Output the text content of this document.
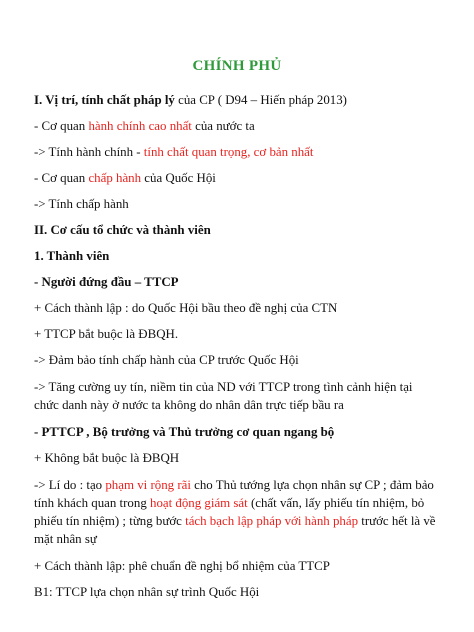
CHÍNH PHỦ
I. Vị trí, tính chất pháp lý của CP ( D94 – Hiến pháp 2013)
- Cơ quan hành chính cao nhất của nước ta
-> Tính hành chính - tính chất quan trọng, cơ bản nhất
- Cơ quan chấp hành của Quốc Hội
-> Tính chấp hành
II. Cơ cấu tổ chức và thành viên
1. Thành viên
- Người đứng đầu – TTCP
+ Cách thành lập : do Quốc Hội bầu theo đề nghị của CTN
+ TTCP bắt buộc là ĐBQH.
-> Đảm bảo tính chấp hành của CP trước Quốc Hội
-> Tăng cường uy tín, niềm tin của ND với TTCP trong tình cảnh hiện tại chức danh này ở nước ta không do nhân dân trực tiếp bầu ra
- PTTCP , Bộ trưởng và Thủ trưởng cơ quan ngang bộ
+ Không bắt buộc là ĐBQH
-> Lí do : tạo phạm vi rộng rãi cho Thủ tướng lựa chọn nhân sự CP ; đảm bảo tính khách quan trong hoạt động giám sát (chất vấn, lấy phiếu tín nhiệm, bỏ phiếu tín nhiệm) ; từng bước tách bạch lập pháp với hành pháp trước hết là về mặt nhân sự
+ Cách thành lập: phê chuẩn đề nghị bổ nhiệm của TTCP
B1: TTCP lựa chọn nhân sự trình Quốc Hội
